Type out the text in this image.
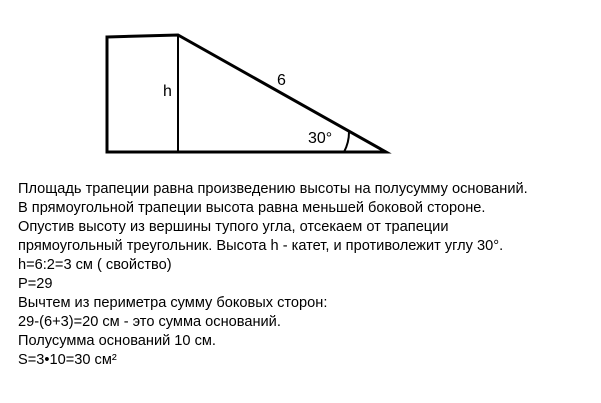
h
6
30°
Площадь трапеции равна произведению высоты на полусумму оснований.
В прямоугольной трапеции высота равна меньшей боковой стороне.
Опустив высоту из вершины тупого угла, отсекаем от трапеции
прямоугольный треугольник. Высота h - катет, и противолежит углу 30°.
h=6:2=3 см ( свойство)
P=29
Вычтем из периметра сумму боковых сторон:
29-(6+3)=20 см - это сумма оснований.
Полусумма оснований 10 см.
S=3•10=30 см²
